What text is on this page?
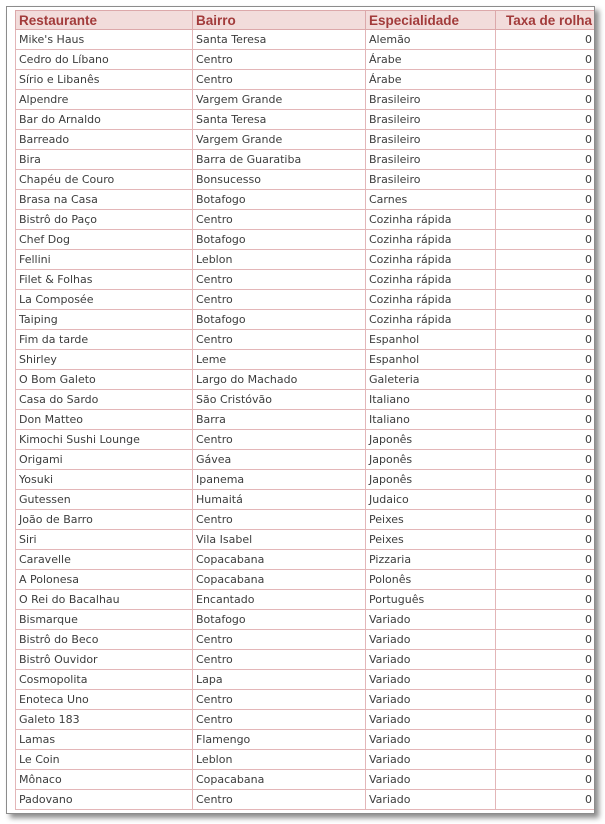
Restaurante	Bairro	Especialidade	Taxa de rolha
Mike's Haus	Santa Teresa	Alemão	0
Cedro do Líbano	Centro	Árabe	0
Sírio e Libanês	Centro	Árabe	0
Alpendre	Vargem Grande	Brasileiro	0
Bar do Arnaldo	Santa Teresa	Brasileiro	0
Barreado	Vargem Grande	Brasileiro	0
Bira	Barra de Guaratiba	Brasileiro	0
Chapéu de Couro	Bonsucesso	Brasileiro	0
Brasa na Casa	Botafogo	Carnes	0
Bistrô do Paço	Centro	Cozinha rápida	0
Chef Dog	Botafogo	Cozinha rápida	0
Fellini	Leblon	Cozinha rápida	0
Filet & Folhas	Centro	Cozinha rápida	0
La Composée	Centro	Cozinha rápida	0
Taiping	Botafogo	Cozinha rápida	0
Fim da tarde	Centro	Espanhol	0
Shirley	Leme	Espanhol	0
O Bom Galeto	Largo do Machado	Galeteria	0
Casa do Sardo	São Cristóvão	Italiano	0
Don Matteo	Barra	Italiano	0
Kimochi Sushi Lounge	Centro	Japonês	0
Origami	Gávea	Japonês	0
Yosuki	Ipanema	Japonês	0
Gutessen	Humaitá	Judaico	0
João de Barro	Centro	Peixes	0
Siri	Vila Isabel	Peixes	0
Caravelle	Copacabana	Pizzaria	0
A Polonesa	Copacabana	Polonês	0
O Rei do Bacalhau	Encantado	Português	0
Bismarque	Botafogo	Variado	0
Bistrô do Beco	Centro	Variado	0
Bistrô Ouvidor	Centro	Variado	0
Cosmopolita	Lapa	Variado	0
Enoteca Uno	Centro	Variado	0
Galeto 183	Centro	Variado	0
Lamas	Flamengo	Variado	0
Le Coin	Leblon	Variado	0
Mônaco	Copacabana	Variado	0
Padovano	Centro	Variado	0
